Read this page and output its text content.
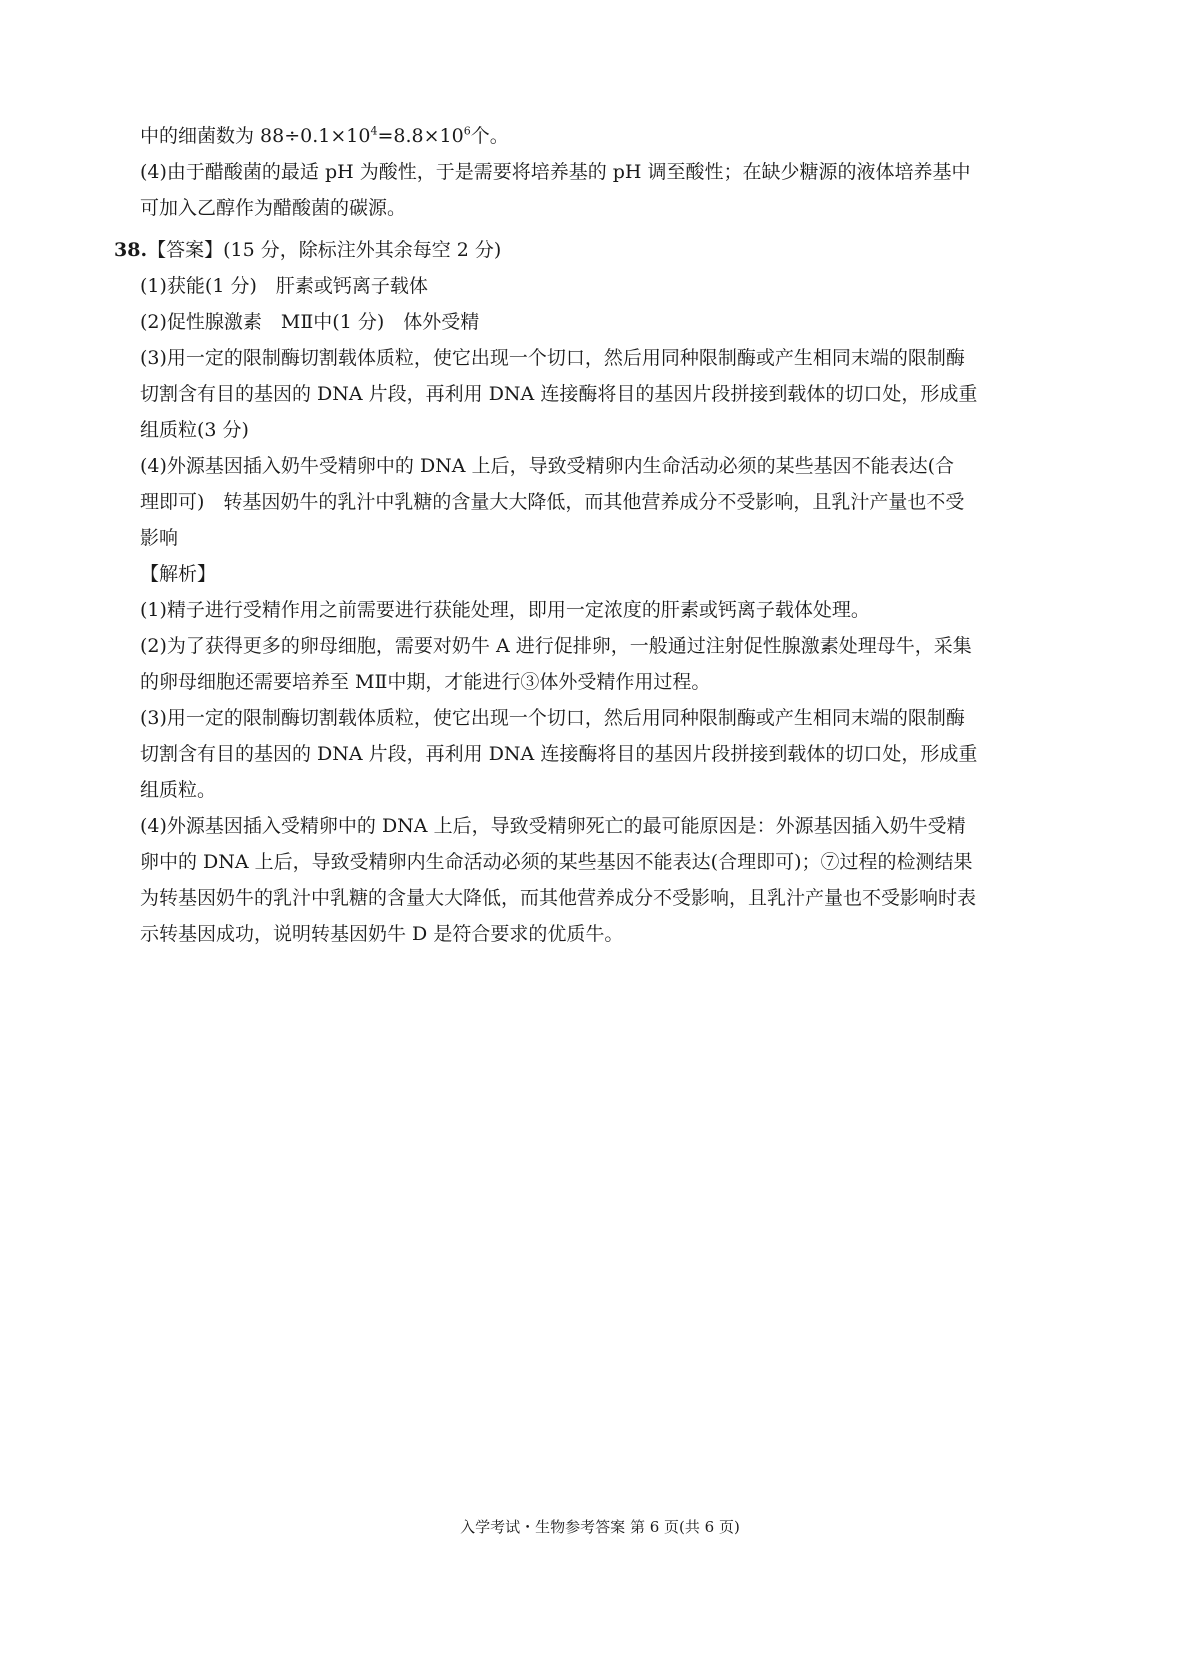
中的细菌数为 $88\div 0.1\times 10^4=8.8\times 10^6$个。
(4)由于醋酸菌的最适 pH 为酸性，于是需要将培养基的 pH 调至酸性；在缺少糖源的液体培养基中
可加入乙醇作为醋酸菌的碳源。
38.【答案】(15 分，除标注外其余每空 2 分)
(1)获能(1 分)　肝素或钙离子载体
(2)促性腺激素　MⅡ中(1 分)　体外受精
(3)用一定的限制酶切割载体质粒，使它出现一个切口，然后用同种限制酶或产生相同末端的限制酶
切割含有目的基因的 DNA 片段，再利用 DNA 连接酶将目的基因片段拼接到载体的切口处，形成重
组质粒(3 分)
(4)外源基因插入奶牛受精卵中的 DNA 上后，导致受精卵内生命活动必须的某些基因不能表达(合
理即可)　转基因奶牛的乳汁中乳糖的含量大大降低，而其他营养成分不受影响，且乳汁产量也不受
影响
【解析】
(1)精子进行受精作用之前需要进行获能处理，即用一定浓度的肝素或钙离子载体处理。
(2)为了获得更多的卵母细胞，需要对奶牛 A 进行促排卵，一般通过注射促性腺激素处理母牛，采集
的卵母细胞还需要培养至 MⅡ中期，才能进行③体外受精作用过程。
(3)用一定的限制酶切割载体质粒，使它出现一个切口，然后用同种限制酶或产生相同末端的限制酶
切割含有目的基因的 DNA 片段，再利用 DNA 连接酶将目的基因片段拼接到载体的切口处，形成重
组质粒。
(4)外源基因插入受精卵中的 DNA 上后，导致受精卵死亡的最可能原因是：外源基因插入奶牛受精
卵中的 DNA 上后，导致受精卵内生命活动必须的某些基因不能表达(合理即可)；⑦过程的检测结果
为转基因奶牛的乳汁中乳糖的含量大大降低，而其他营养成分不受影响，且乳汁产量也不受影响时表
示转基因成功，说明转基因奶牛 D 是符合要求的优质牛。
入学考试・生物参考答案 第 6 页(共 6 页)
